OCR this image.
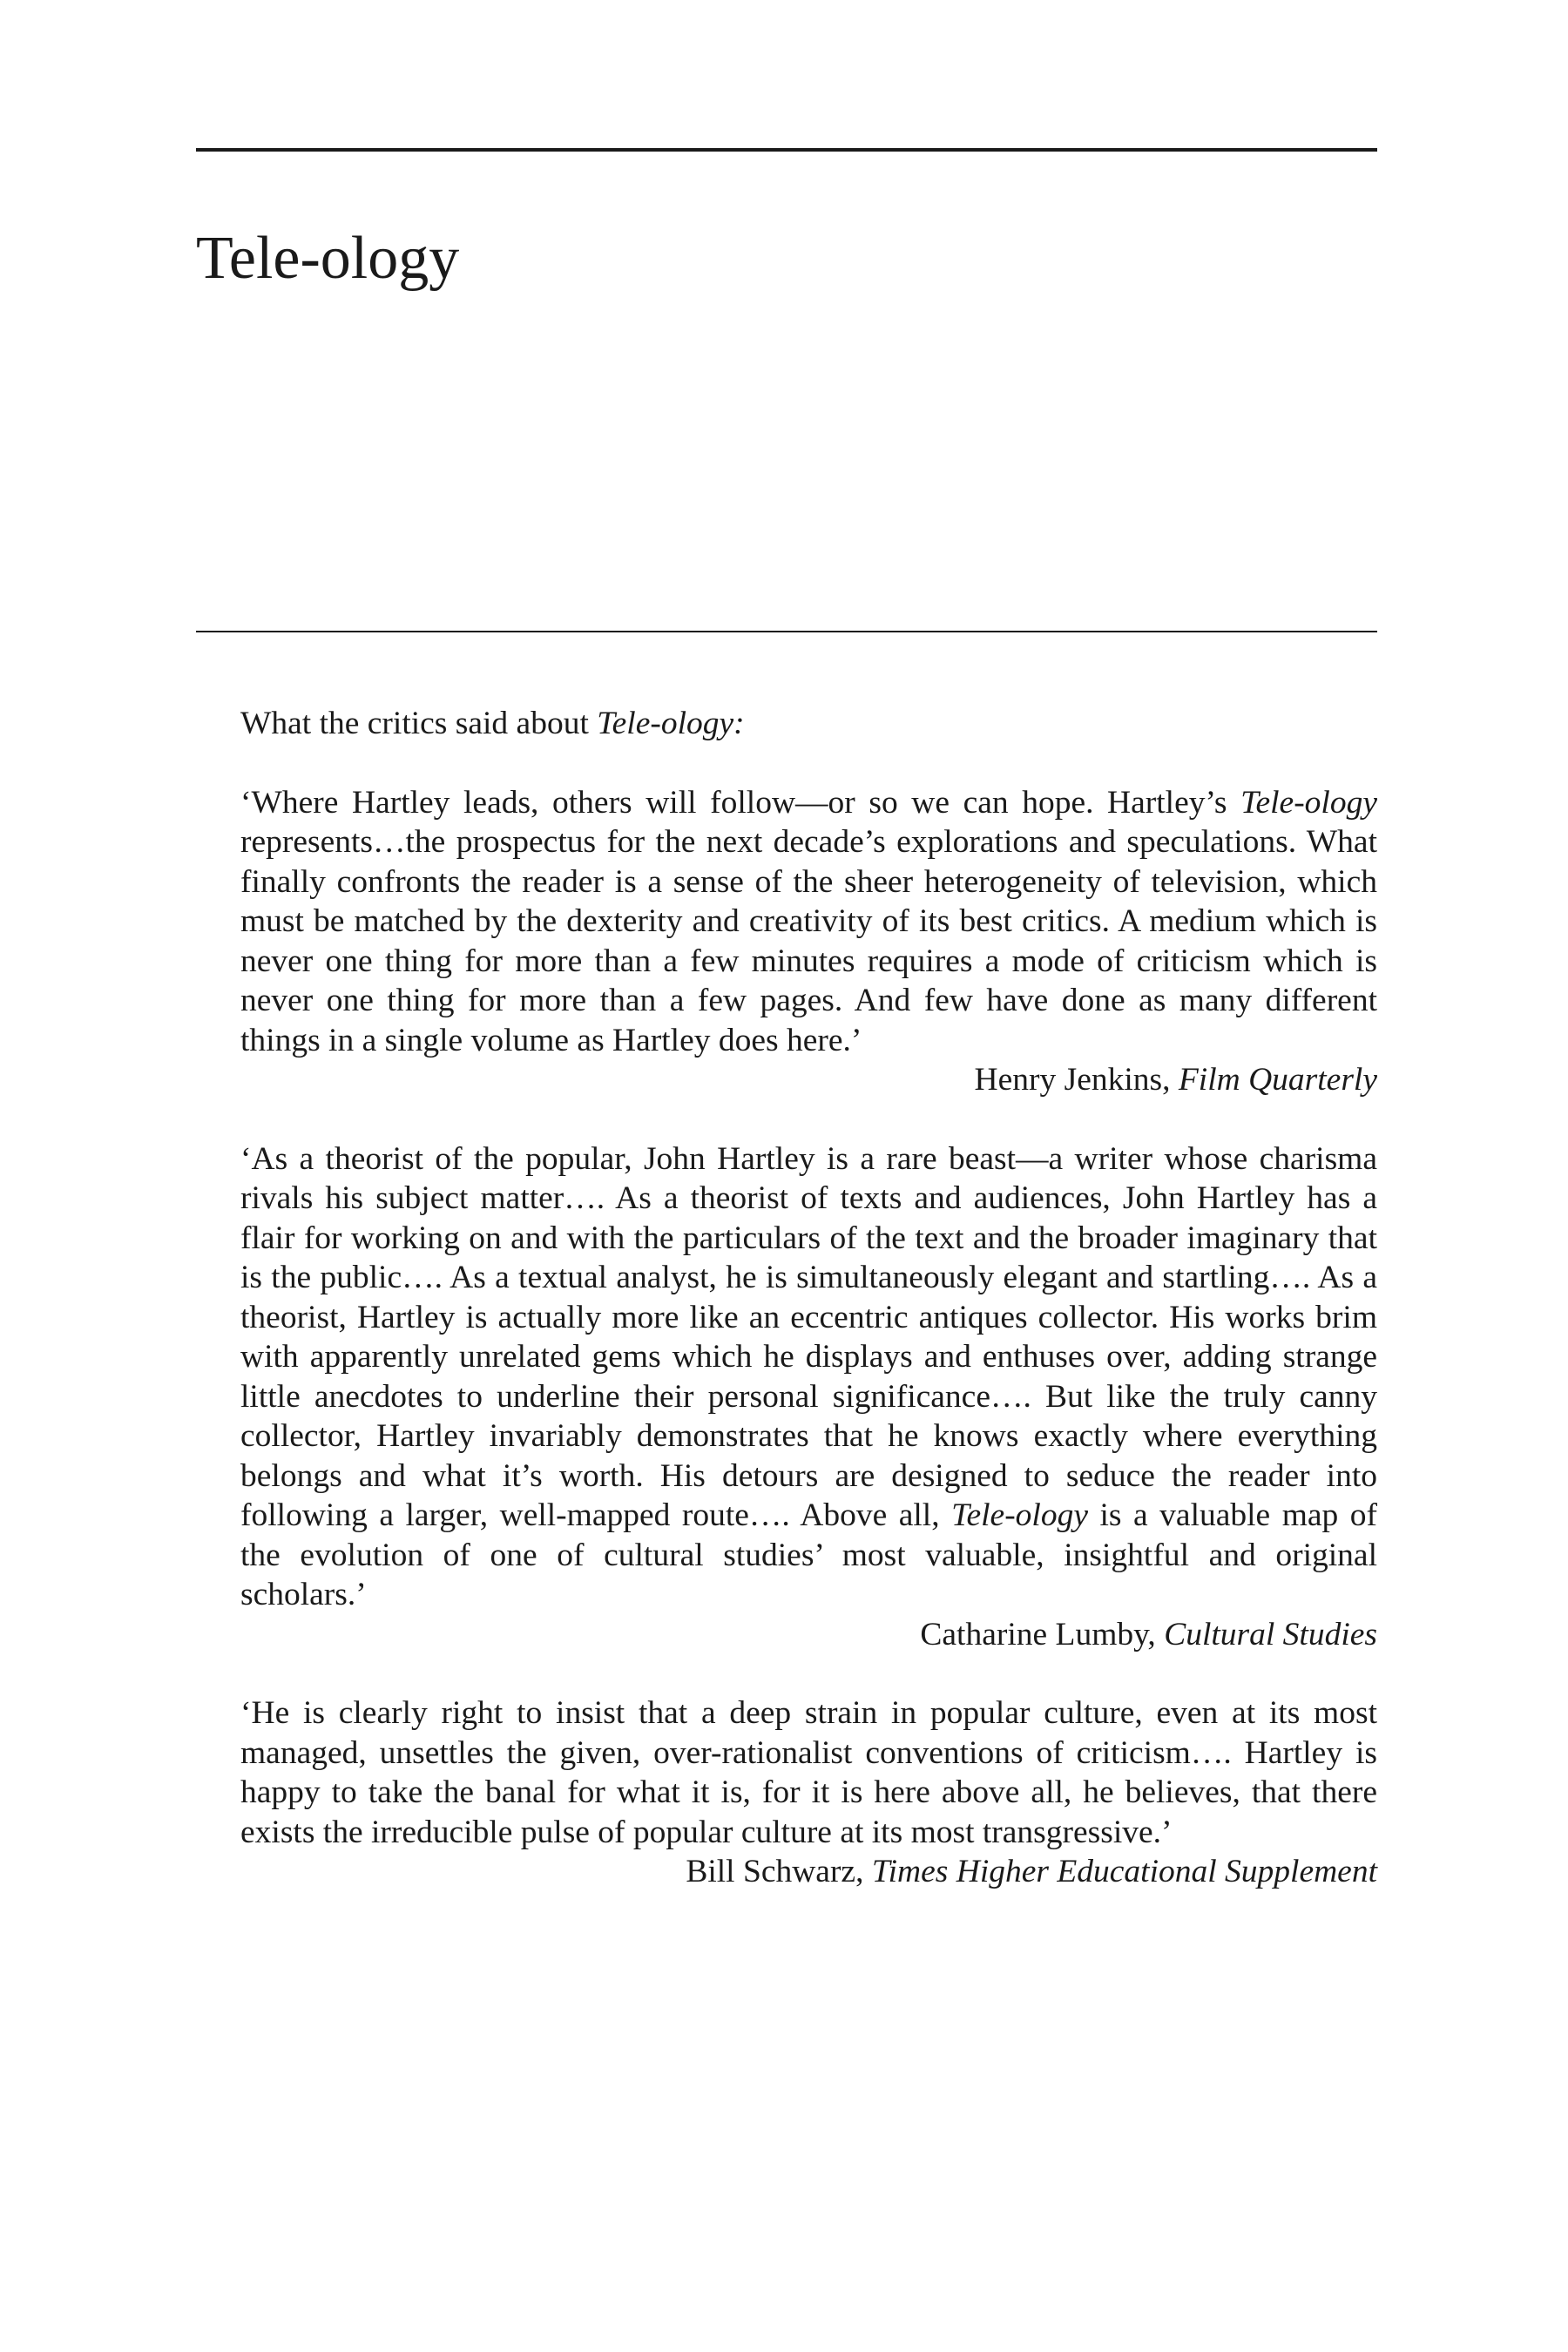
Tele-ology

What the critics said about Tele-ology:

‘Where Hartley leads, others will follow—or so we can hope. Hartley’s Tele-ology represents…the prospectus for the next decade’s explorations and speculations. What finally confronts the reader is a sense of the sheer heterogeneity of television, which must be matched by the dexterity and creativity of its best critics. A medium which is never one thing for more than a few minutes requires a mode of criticism which is never one thing for more than a few pages. And few have done as many different things in a single volume as Hartley does here.’

Henry Jenkins, Film Quarterly

‘As a theorist of the popular, John Hartley is a rare beast—a writer whose charisma rivals his subject matter…. As a theorist of texts and audiences, John Hartley has a flair for working on and with the particulars of the text and the broader imaginary that is the public…. As a textual analyst, he is simultaneously elegant and startling…. As a theorist, Hartley is actually more like an eccentric antiques collector. His works brim with apparently unrelated gems which he displays and enthuses over, adding strange little anecdotes to underline their personal significance…. But like the truly canny collector, Hartley invariably demonstrates that he knows exactly where everything belongs and what it’s worth. His detours are designed to seduce the reader into following a larger, well-mapped route…. Above all, Tele-ology is a valuable map of the evolution of one of cultural studies’ most valuable, insightful and original scholars.’

Catharine Lumby, Cultural Studies

‘He is clearly right to insist that a deep strain in popular culture, even at its most managed, unsettles the given, over-rationalist conventions of criticism…. Hartley is happy to take the banal for what it is, for it is here above all, he believes, that there exists the irreducible pulse of popular culture at its most transgressive.’

Bill Schwarz, Times Higher Educational Supplement
